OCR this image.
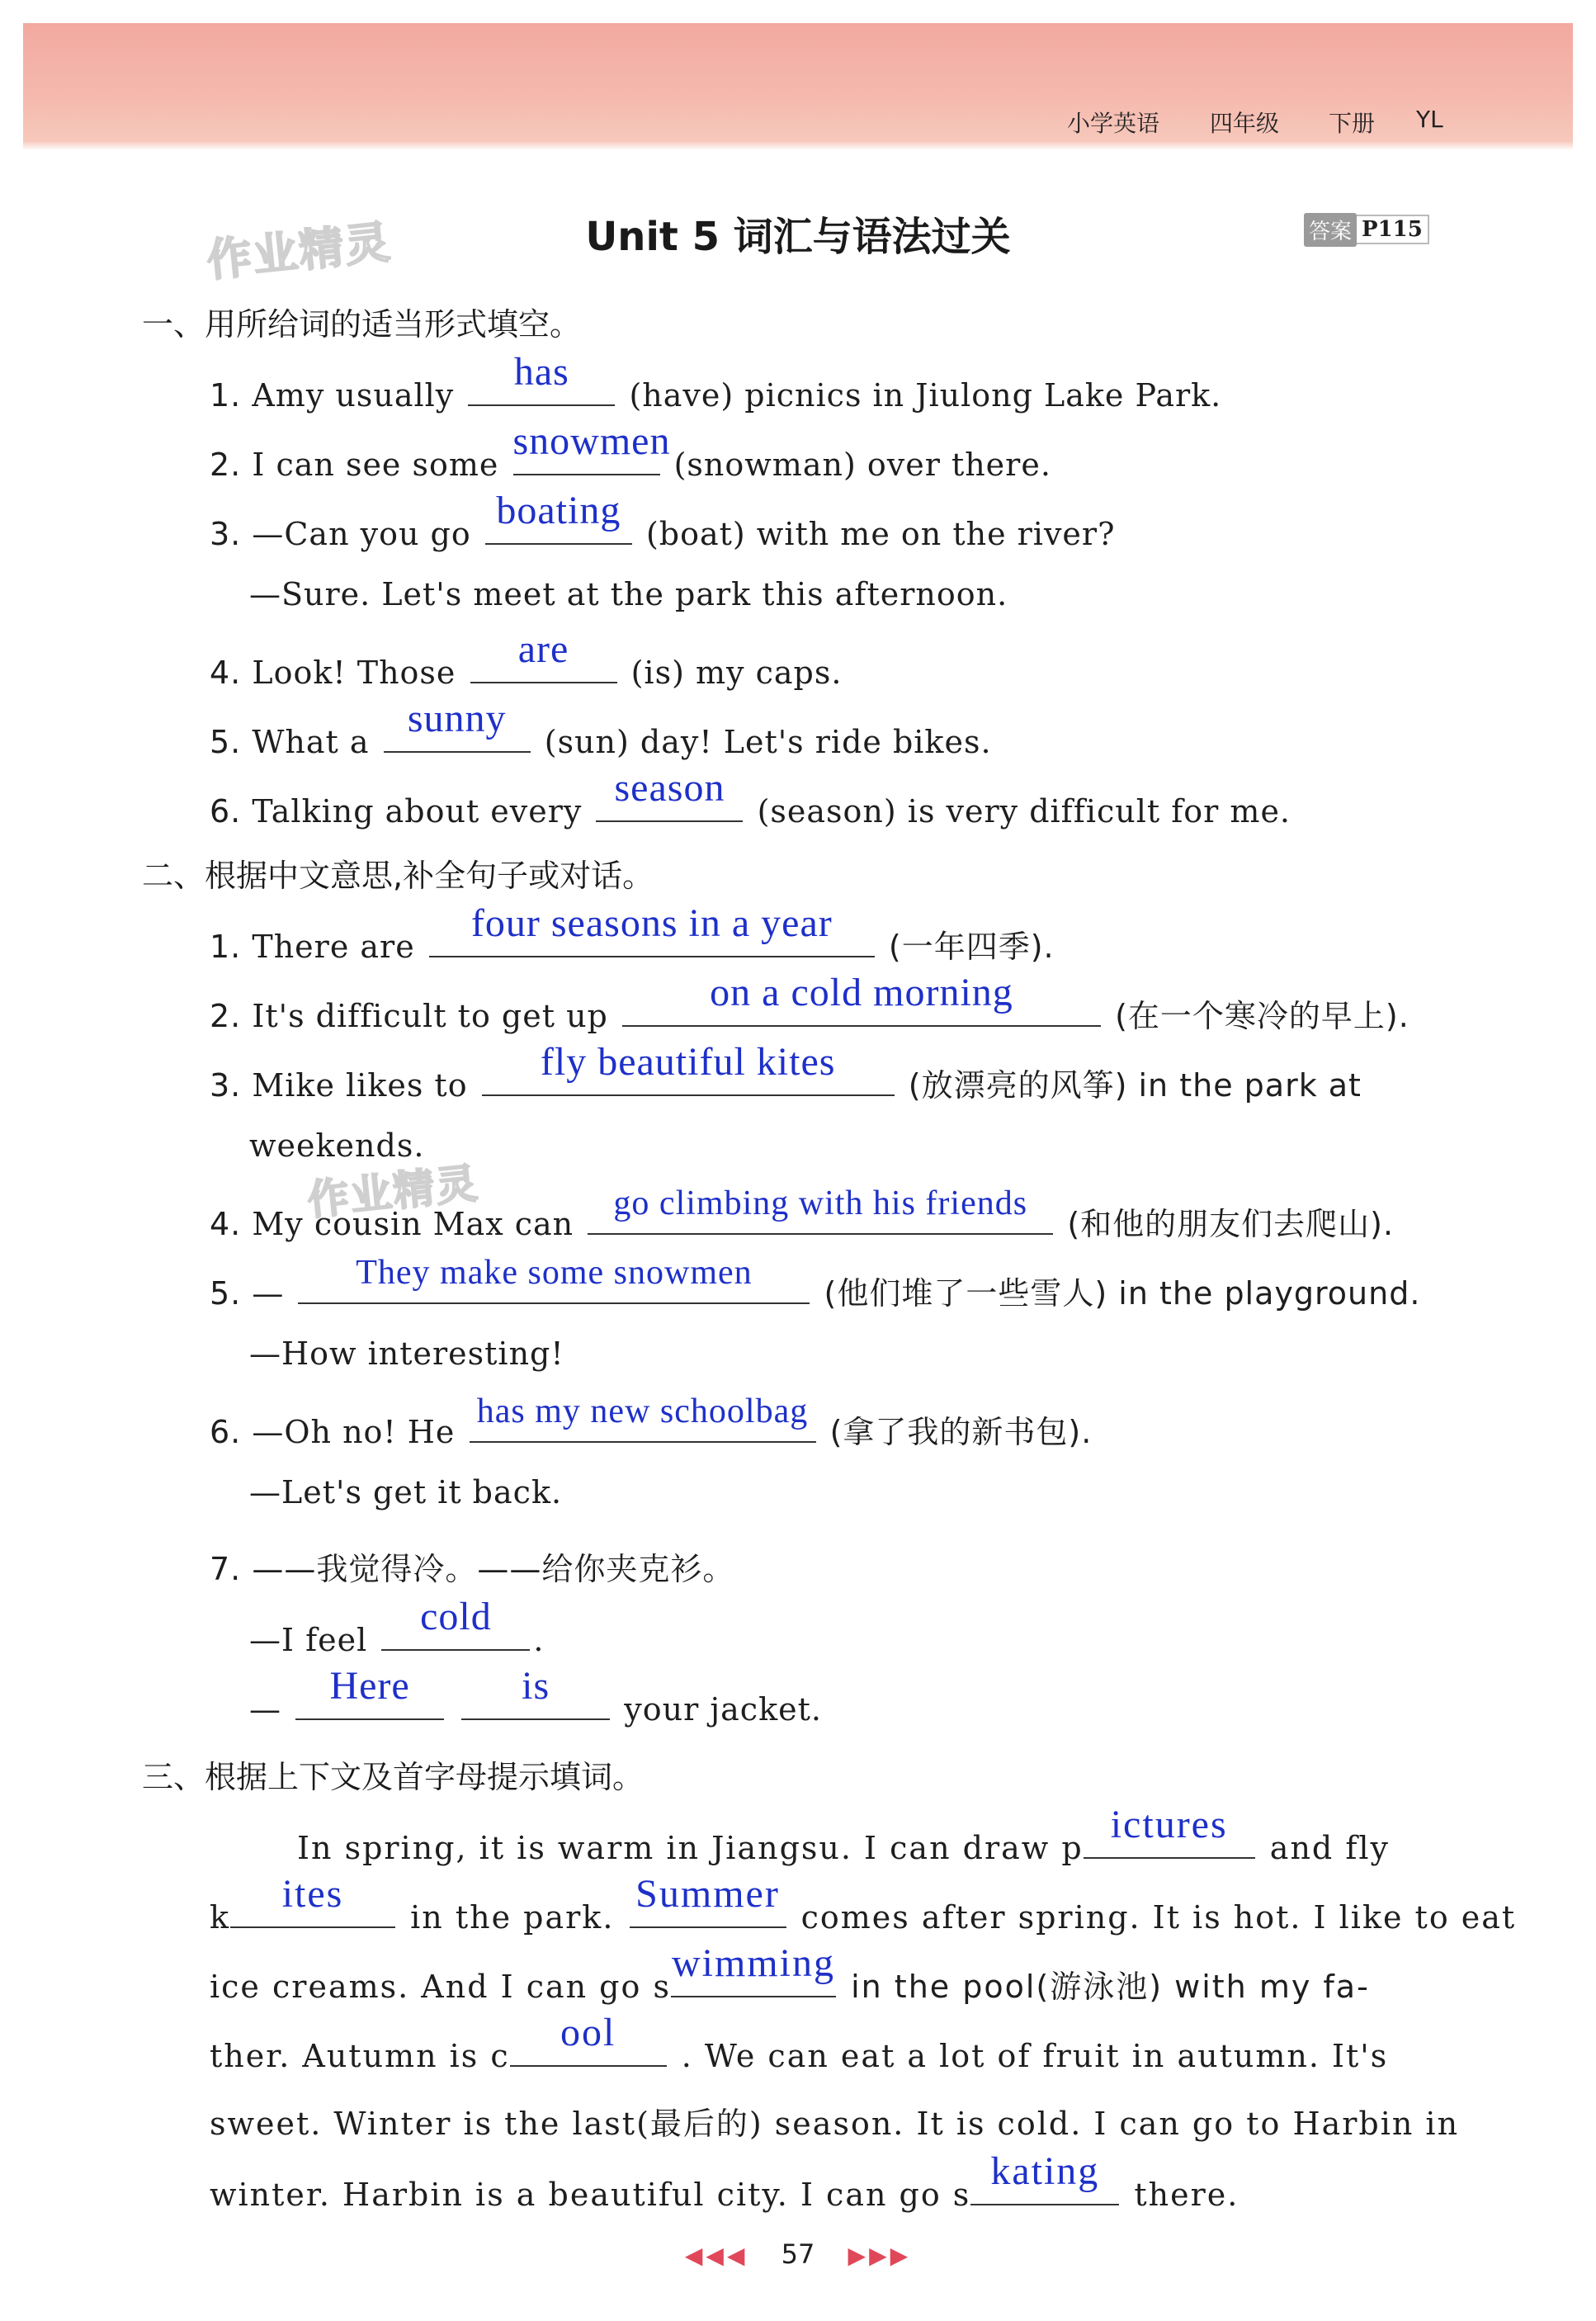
小学英语 四年级 下册 YL
作业精灵	Unit 5 词汇与语法过关	答案 P115
一、用所给词的适当形式填空。
1. Amy usually
has
(have) picnics in Jiulong Lake Park.
2. I can see some
snowmen
(snowman) over there.
3. —Can you go
boating
(boat) with me on the river?
—Sure. Let's meet at the park this afternoon.
4. Look! Those
are
(is) my caps.
5. What a
sunny
(sun) day! Let's ride bikes.
6. Talking about every
season
(season) is very difficult for me.
二、根据中文意思,补全句子或对话。
1. There are
four seasons in a year
(一年四季).
2. It's difficult to get up
on a cold morning
(在一个寒冷的早上).
3. Mike likes to
fly beautiful kites
(放漂亮的风筝) in the park at
weekends.
作业精灵
4. My cousin Max can
go climbing with his friends
(和他的朋友们去爬山).
5. —
They make some snowmen
(他们堆了一些雪人) in the playground.
—How interesting!
6. —Oh no! He
has my new schoolbag
(拿了我的新书包).
—Let's get it back.
7. ——我觉得冷。——给你夹克衫。
—I feel
cold
.
—
Here
	is
your jacket.
三、根据上下文及首字母提示填词。
In spring, it is warm in Jiangsu. I can draw p
ictures
and fly
k
ites
in the park.
Summer
comes after spring. It is hot. I like to eat
ice creams. And I can go s
wimming
in the pool(游泳池) with my fa-
ther. Autumn is c
ool
. We can eat a lot of fruit in autumn. It's
sweet. Winter is the last(最后的) season. It is cold. I can go to Harbin in
winter. Harbin is a beautiful city. I can go s
kating
there.
◀◀◀ 57 ▶▶▶
